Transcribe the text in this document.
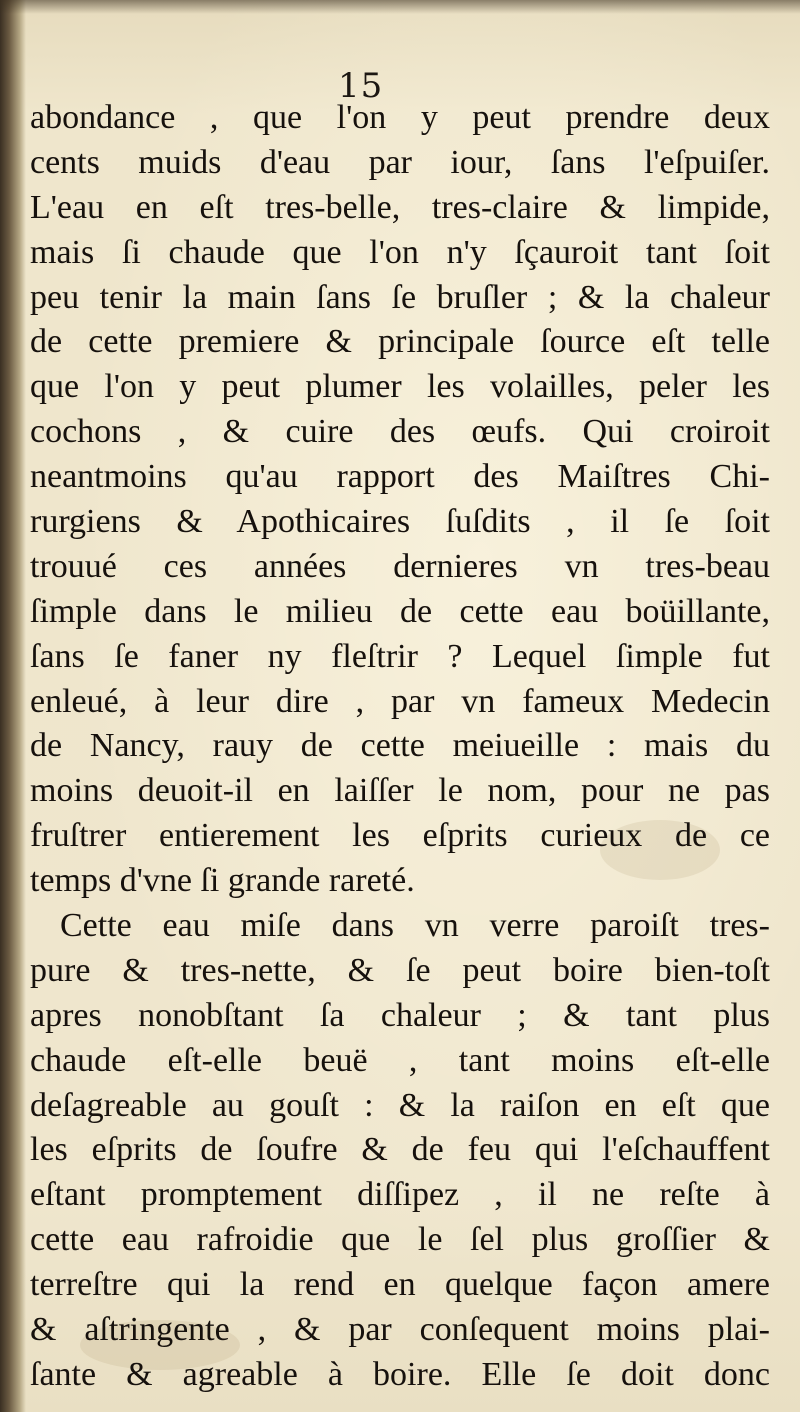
15
abondance , que l'on y peut prendre deux
cents muids d'eau par iour, ſans l'eſpuiſer.
L'eau en eſt tres-belle, tres-claire & limpide,
mais ſi chaude que l'on n'y ſçauroit tant ſoit
peu tenir la main ſans ſe bruſler ; & la chaleur
de cette premiere & principale ſource eſt telle
que l'on y peut plumer les volailles, peler les
cochons , & cuire des œufs. Qui croiroit
neantmoins qu'au rapport des Maiſtres Chi-
rurgiens & Apothicaires ſuſdits , il ſe ſoit
trouué ces années dernieres vn tres-beau
ſimple dans le milieu de cette eau boüillante,
ſans ſe faner ny fleſtrir ? Lequel ſimple fut
enleué, à leur dire , par vn fameux Medecin
de Nancy, rauy de cette meiueille : mais du
moins deuoit-il en laiſſer le nom, pour ne pas
fruſtrer entierement les eſprits curieux de ce
temps d'vne ſi grande rareté.
Cette eau miſe dans vn verre paroiſt tres-
pure & tres-nette, & ſe peut boire bien-toſt
apres nonobſtant ſa chaleur ; & tant plus
chaude eſt-elle beuë , tant moins eſt-elle
deſagreable au gouſt : & la raiſon en eſt que
les eſprits de ſoufre & de feu qui l'eſchauffent
eſtant promptement diſſipez , il ne reſte à
cette eau rafroidie que le ſel plus groſſier &
terreſtre qui la rend en quelque façon amere
& aſtringente , & par conſequent moins plai-
ſante & agreable à boire. Elle ſe doit donc
